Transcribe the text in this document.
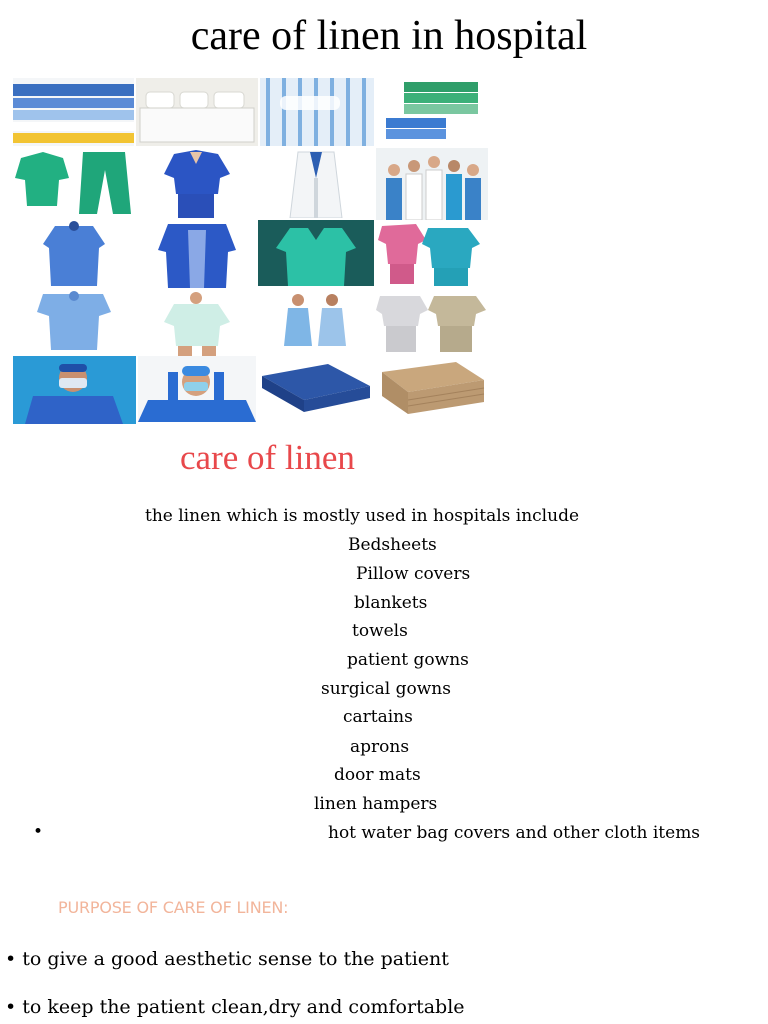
care of linen in hospital
care of linen
the linen which is mostly used in hospitals include
Bedsheets
Pillow covers
blankets
towels
patient gowns
surgical gowns
cartains
aprons
door mats
linen hampers
•	hot water bag covers and other cloth items
PURPOSE OF CARE OF LINEN:
• to give a good aesthetic sense to the patient
• to keep the patient clean,dry and comfortable
